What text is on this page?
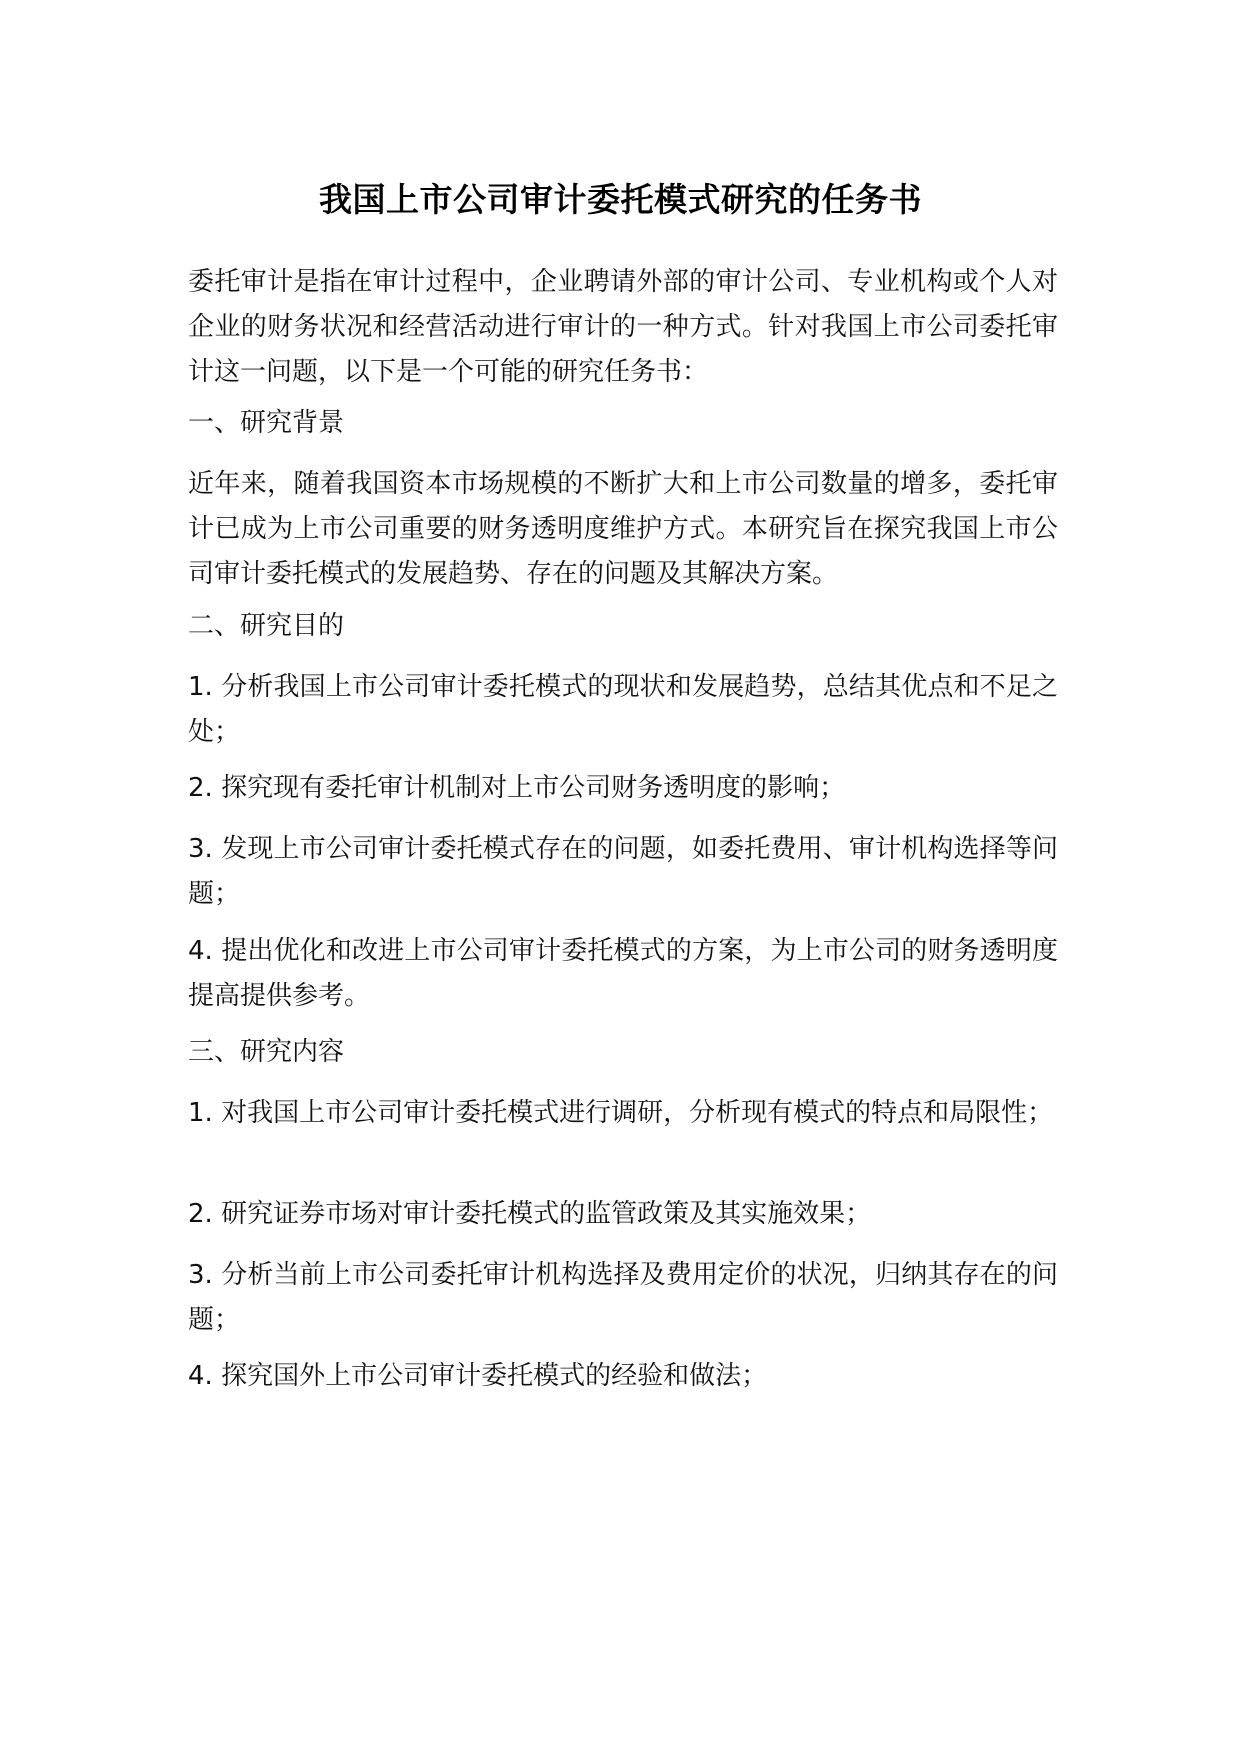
我国上市公司审计委托模式研究的任务书

委托审计是指在审计过程中，企业聘请外部的审计公司、专业机构或个人对企业的财务状况和经营活动进行审计的一种方式。针对我国上市公司委托审计这一问题，以下是一个可能的研究任务书：

一、研究背景

近年来，随着我国资本市场规模的不断扩大和上市公司数量的增多，委托审计已成为上市公司重要的财务透明度维护方式。本研究旨在探究我国上市公司审计委托模式的发展趋势、存在的问题及其解决方案。

二、研究目的

1. 分析我国上市公司审计委托模式的现状和发展趋势，总结其优点和不足之处；

2. 探究现有委托审计机制对上市公司财务透明度的影响；

3. 发现上市公司审计委托模式存在的问题，如委托费用、审计机构选择等问题；

4. 提出优化和改进上市公司审计委托模式的方案，为上市公司的财务透明度提高提供参考。

三、研究内容

1. 对我国上市公司审计委托模式进行调研，分析现有模式的特点和局限性；

2. 研究证券市场对审计委托模式的监管政策及其实施效果；

3. 分析当前上市公司委托审计机构选择及费用定价的状况，归纳其存在的问题；

4. 探究国外上市公司审计委托模式的经验和做法；
